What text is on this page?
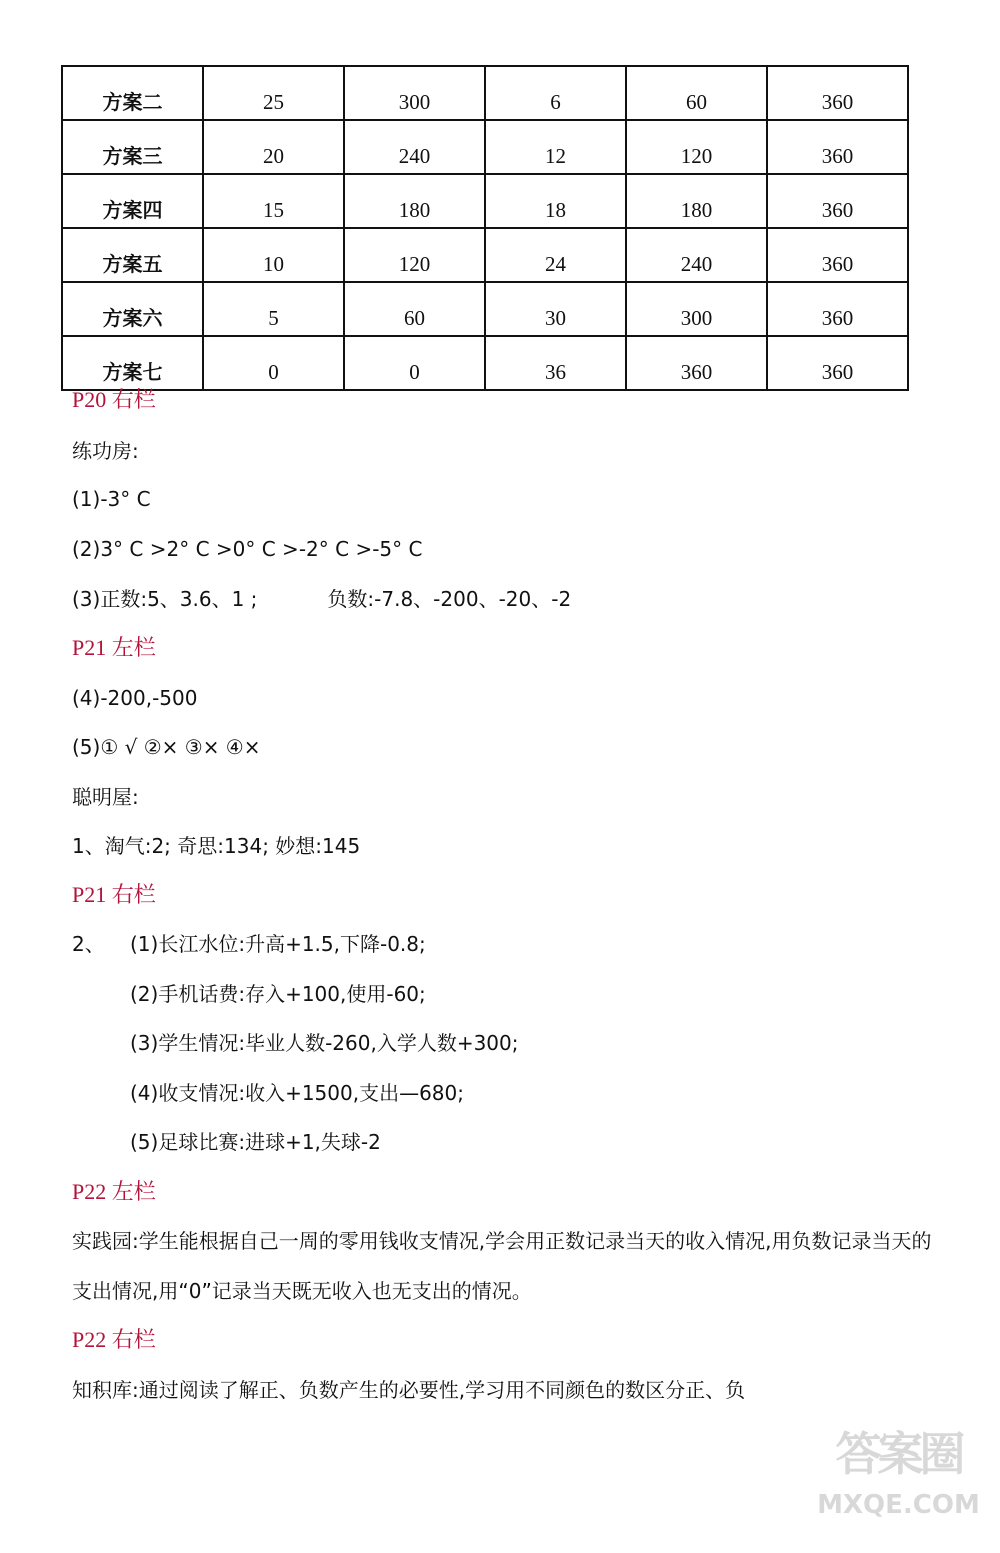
方案二	25	300	6	60	360
方案三	20	240	12	120	360
方案四	15	180	18	180	360
方案五	10	120	24	240	360
方案六	5	60	30	300	360
方案七	0	0	36	360	360
P20 右栏
练功房:
(1)-3° C
(2)3° C >2° C >0° C >-2° C >-5° C
(3)正数:5、3.6、1 ;	负数:-7.8、-200、-20、-2
P21 左栏
(4)-200,-500
(5)① √ ②× ③× ④×
聪明屋:
1、淘气:2; 奇思:134; 妙想:145
P21 右栏
2、 (1)长江水位:升高+1.5,下降-0.8;
(2)手机话费:存入+100,使用-60;
(3)学生情况:毕业人数-260,入学人数+300;
(4)收支情况:收入+1500,支出—680;
(5)足球比赛:进球+1,失球-2
P22 左栏
实践园:学生能根据自己一周的零用钱收支情况,学会用正数记录当天的收入情况,用负数记录当天的支出情况,用“0”记录当天既无收入也无支出的情况。
P22 右栏
知积库:通过阅读了解正、负数产生的必要性,学习用不同颜色的数区分正、负
答案圈
MXQE.COM
